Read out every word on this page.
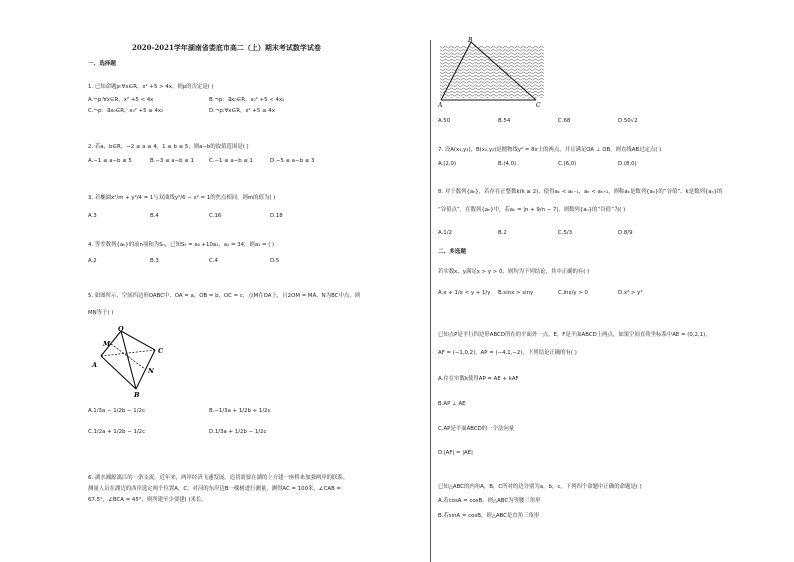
2020-2021学年湖南省娄底市高二（上）期末考试数学试卷
一、选择题
1. 已知命题p:∀x∈R，x² +5 > 4x，则p的否定是( )
A.¬p:∀x∈R，x² +5 < 4x	B.¬p：∃x₀∈R，x₀² +5 < 4x₀
C.¬p：∃x₀∈R，x₀² +5 ≤ 4x₀	D.¬p:∀x∈R，x² +5 ≤ 4x
2. 若a，b∈R，−2 ≤ a ≤ 4，1 ≤ b ≤ 5，则a−b的取值范围是( )
A.−1 ≤ a−b ≤ 5	B.−3 ≤ a−b ≤ 1	C.−1 ≤ a−b ≤ 1	D.−5 ≤ a−b ≤ 3
3. 若椭圆x²/m + y²/4 = 1与双曲线y²/6 − x² = 1的焦点相同，则m的值为( )
A.3	B.4	C.16	D.18
4. 等差数列{aₙ}的前n项和为Sₙ，已知S₅ = a₃ +10a₁，a₅ = 34，则a₁ = ( )
A.2	B.3	C.4	D.5
5. 如图所示，空间四边形OABC中，OA = a，OB = b，OC = c，点M在OA上，且2OM = MA，N为BC中点，则
MN等于( )
O
M
A
B
C
N
A.1/3a − 1/2b − 1/2c	B.−1/3a + 1/2b + 1/2c
C.1/2a + 1/2b − 1/2c	D.1/3a + 1/2b − 1/2c
6. 湖水湘源漓江的一条支流，近年来，两岸经济飞速发展，追切需要在湖的上方建一座桥来加强两岸的联系。
测量人员在湖边的西岸选定两个位置A，C，对河的东岸边B一棵树进行测量，测得AC = 100米，∠CAB =
67.5°，∠BCA = 45°，则所建至少要建( )米长。
B
A	C
A.50	B.54	C.68	D.50√2
7. 设A(x₁,y₁)，B(x₂,y₂)是抛物线y² = 8x上的两点，并且满足OA ⊥ OB，则直线AB过定点( )
A.(2,0)	B.(4,0)	C.(6,0)	D.(8,0)
8. 对于数列{aₙ}，若存在正整数k(k ≥ 2)，使得aₖ < aₖ₋₁，aₖ < aₖ₊₁，则称aₖ是数列{aₙ}的“谷值”，k是数列{aₙ}的
“谷值点”，在数列{aₙ}中，若aₙ = |n + 9/n − 7|，则数列{aₙ}的“谷值”为( )
A.1/2	B.2	C.5/3	D.8/9
二、多选题
若实数x，y满足x > y > 0，则均为下列结论，其中正确的有( )
A.x + 1/x < y + 1/y B.sinx > siny	C.lnx/y > 0	D.x³ > y³
已知点P是平行四边形ABCD所在的平面外一点，E，F是平面ABCD上两点，如果空间直角坐标系中AE = (0,2,1)，
AF = (−1,0,2)，AP = (−4,1,−2)，下列结论正确的有( )
A.存在实数k使得AP = AE + kAF
B.AP ⊥ AE
C.AP是平面ABCD的一个法向量
D.|AF| = |AE|
已知△ABC的内角A，B，C所对的边分别为a，b，c，下列四个命题中正确的命题是( )
A.若cosA = cosB，则△ABC为等腰三角形
B.若sinA = cosB，则△ABC是直角三角形
